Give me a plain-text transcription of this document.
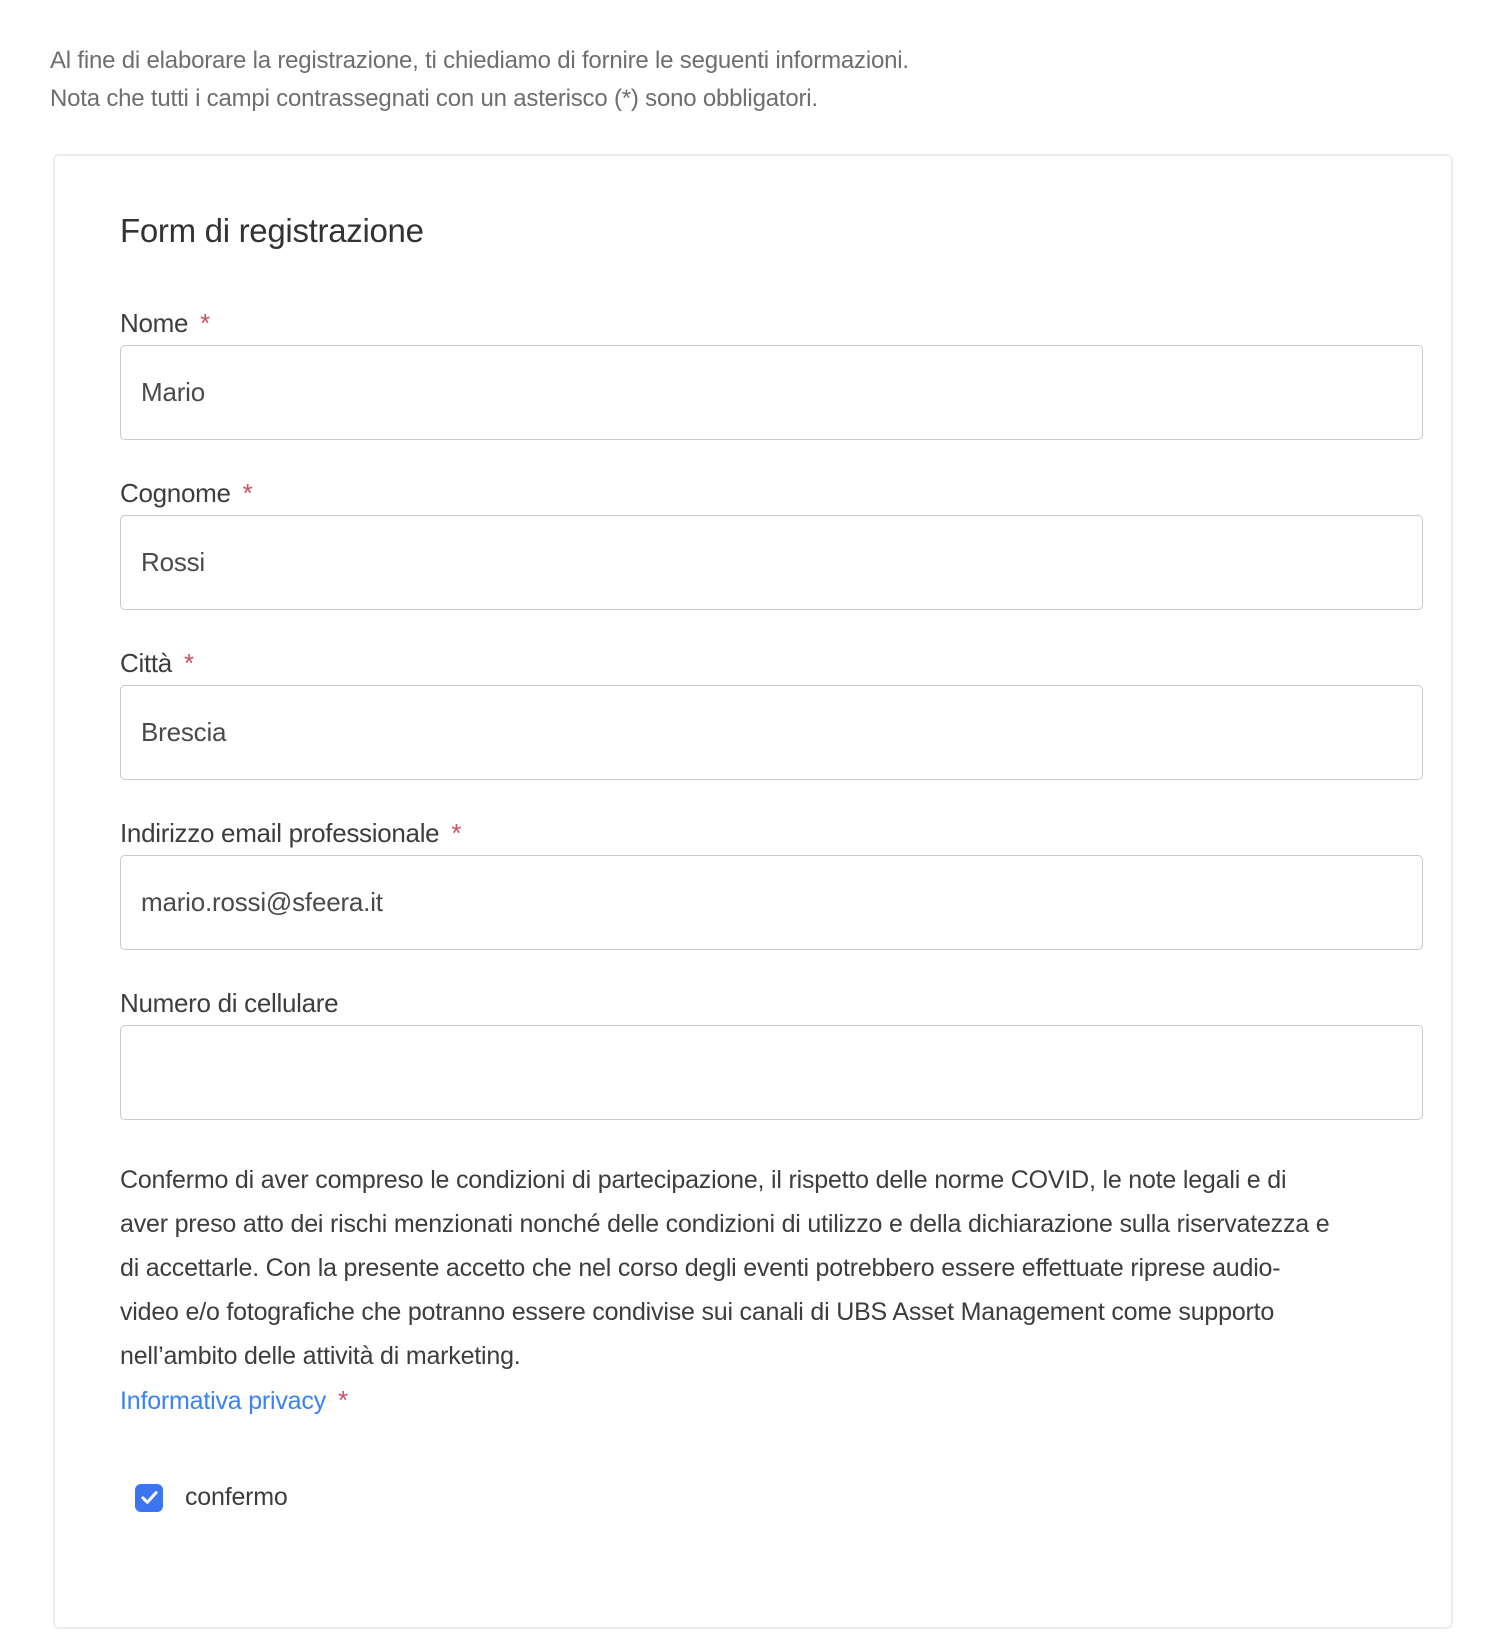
Al fine di elaborare la registrazione, ti chiediamo di fornire le seguenti informazioni.
Nota che tutti i campi contrassegnati con un asterisco (*) sono obbligatori.
Form di registrazione
Nome *
Mario
Cognome *
Rossi
Città *
Brescia
Indirizzo email professionale *
mario.rossi@sfeera.it
Numero di cellulare
Confermo di aver compreso le condizioni di partecipazione, il rispetto delle norme COVID, le note legali e di aver preso atto dei rischi menzionati nonché delle condizioni di utilizzo e della dichiarazione sulla riservatezza e di accettarle. Con la presente accetto che nel corso degli eventi potrebbero essere effettuate riprese audio-video e/o fotografiche che potranno essere condivise sui canali di UBS Asset Management come supporto nell’ambito delle attività di marketing.
Informativa privacy *
confermo
